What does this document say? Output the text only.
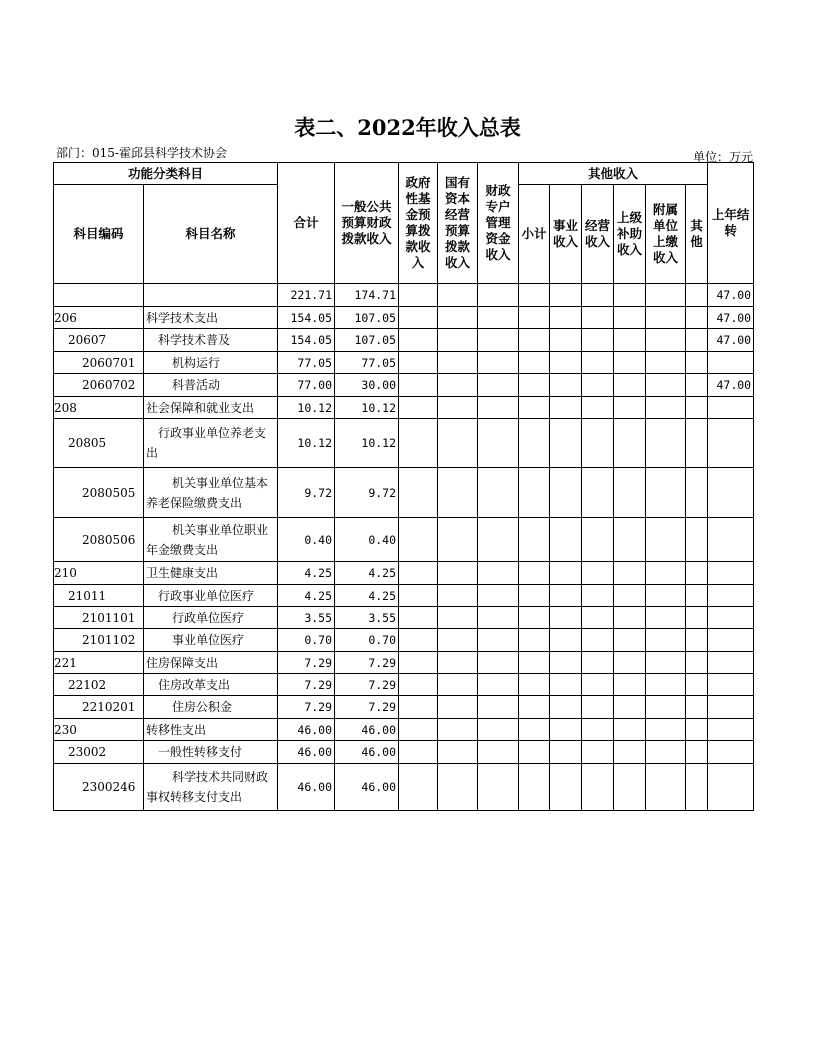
表二、2022年收入总表
部门：015-霍邱县科学技术协会	单位：万元
功能分类科目		合计	一般公共预算财政拨款收入	政府性基金预算拨款收入	国有资本经营预算拨款收入	财政专户管理资金收入	其他收入						上年结转
科目编码	科目名称						小计	事业收入	经营收入	上级补助收入	附属单位上缴收入	其他	
		221.71	174.71										47.00
206	科学技术支出	154.05	107.05										47.00
20607	科学技术普及	154.05	107.05										47.00
2060701	机构运行	77.05	77.05										
2060702	科普活动	77.00	30.00										47.00
208	社会保障和就业支出	10.12	10.12										
20805	行政事业单位养老支出	10.12	10.12										
2080505	机关事业单位基本养老保险缴费支出	9.72	9.72										
2080506	机关事业单位职业年金缴费支出	0.40	0.40										
210	卫生健康支出	4.25	4.25										
21011	行政事业单位医疗	4.25	4.25										
2101101	行政单位医疗	3.55	3.55										
2101102	事业单位医疗	0.70	0.70										
221	住房保障支出	7.29	7.29										
22102	住房改革支出	7.29	7.29										
2210201	住房公积金	7.29	7.29										
230	转移性支出	46.00	46.00										
23002	一般性转移支付	46.00	46.00										
2300246	科学技术共同财政事权转移支付支出	46.00	46.00										
